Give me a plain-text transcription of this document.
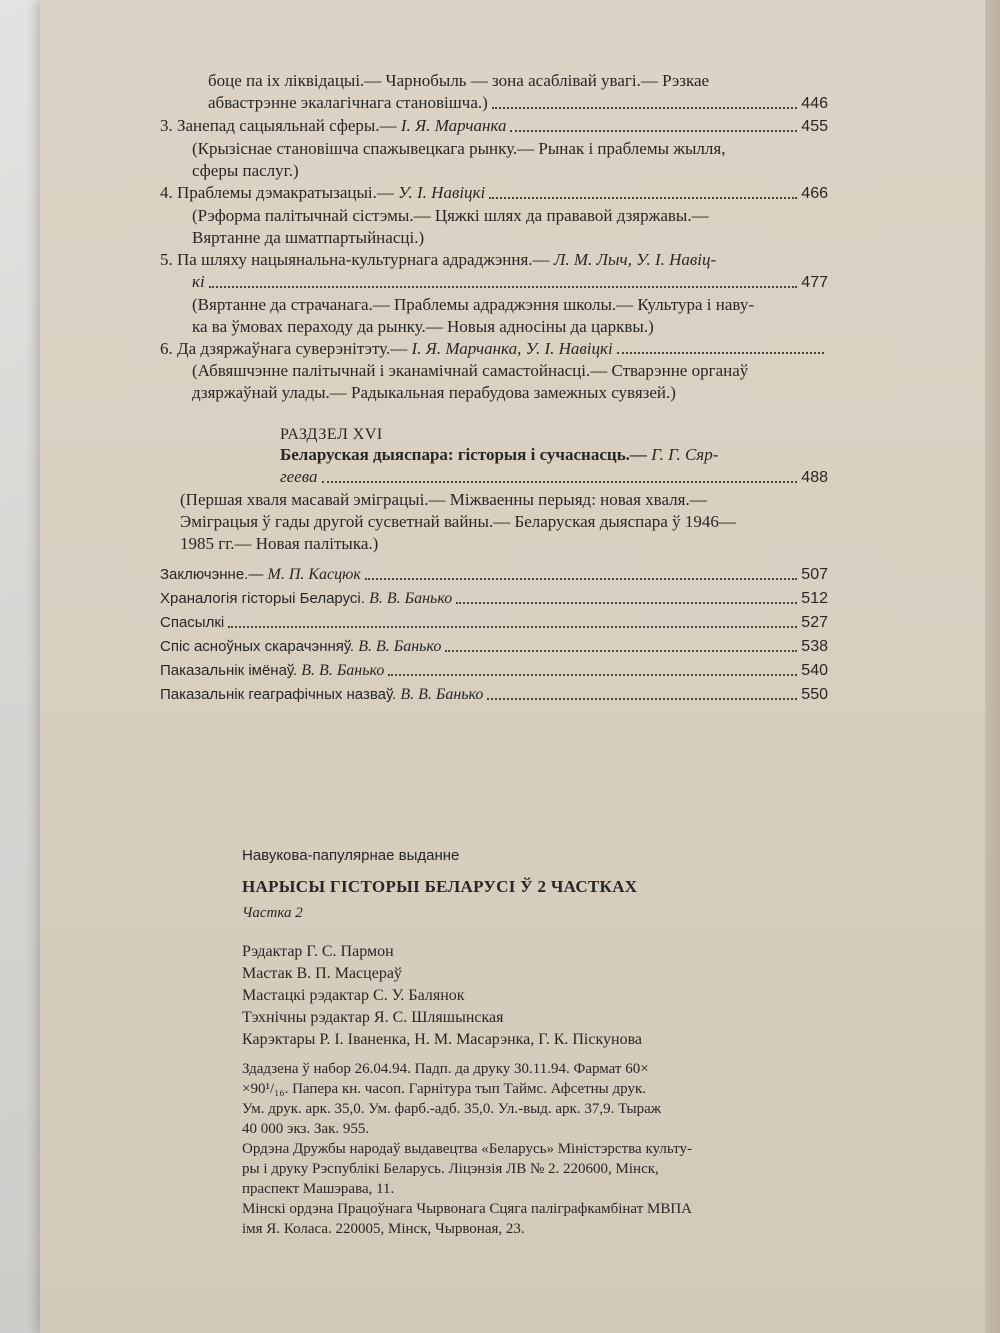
боце па іх ліквідацыі.— Чарнобыль — зона асаблівай увагі.— Рэзкае
абвастрэнне экалагічнага становішча.)	446
3. Занепад сацыяльнай сферы.— І. Я. Марчанка	455
(Крызіснае становішча спажывецкага рынку.— Рынак і праблемы жылля,
сферы паслуг.)
4. Праблемы дэмакратызацыі.— У. І. Навіцкі	466
(Рэформа палітычнай сістэмы.— Цяжкі шлях да прававой дзяржавы.—
Вяртанне да шматпартыйнасці.)
5. Па шляху нацыянальна-культурнага адраджэння.— Л. М. Лыч, У. І. Навіц-
кі	477
(Вяртанне да страчанага.— Праблемы адраджэння школы.— Культура і наву-
ка ва ўмовах пераходу да рынку.— Новыя адносіны да царквы.)
6. Да дзяржаўнага суверэнітэту.— І. Я. Марчанка, У. І. Навіцкі
(Абвяшчэнне палітычнай і эканамічнай самастойнасці.— Стварэнне органаў
дзяржаўнай улады.— Радыкальная перабудова замежных сувязей.)
РАЗДЗЕЛ XVI
Беларуская дыяспара: гісторыя і сучаснасць.— Г. Г. Сяр-
геева	488
(Першая хваля масавай эміграцыі.— Міжваенны перыяд: новая хваля.—
Эміграцыя ў гады другой сусветнай вайны.— Беларуская дыяспара ў 1946—
1985 гг.— Новая палітыка.)
Заключэнне.— М. П. Касцюк	507
Храналогія гісторыі Беларусі. В. В. Банько	512
Спасылкі	527
Спіс асноўных скарачэнняў. В. В. Банько	538
Паказальнік імёнаў. В. В. Банько	540
Паказальнік геаграфічных назваў. В. В. Банько	550
Навукова-папулярнае выданне
НАРЫСЫ ГІСТОРЫІ БЕЛАРУСІ Ў 2 ЧАСТКАХ
Частка 2
Рэдактар Г. С. Пармон
Мастак В. П. Масцераў
Мастацкі рэдактар С. У. Балянок
Тэхнічны рэдактар Я. С. Шляшынская
Карэктары Р. І. Іваненка, Н. М. Масарэнка, Г. К. Піскунова
Здадзена ў набор 26.04.94. Падп. да друку 30.11.94. Фармат 60×
×90¹/₁₆. Папера кн. часоп. Гарнітура тып Таймс. Афсетны друк.
Ум. друк. арк. 35,0. Ум. фарб.-адб. 35,0. Ул.-выд. арк. 37,9. Тыраж
40 000 экз. Зак. 955.
Ордэна Дружбы народаў выдавецтва «Беларусь» Міністэрства культу-
ры і друку Рэспублікі Беларусь. Ліцэнзія ЛВ № 2. 220600, Мінск,
праспект Машэрава, 11.
Мінскі ордэна Працоўнага Чырвонага Сцяга паліграфкамбінат МВПА
імя Я. Коласа. 220005, Мінск, Чырвоная, 23.
